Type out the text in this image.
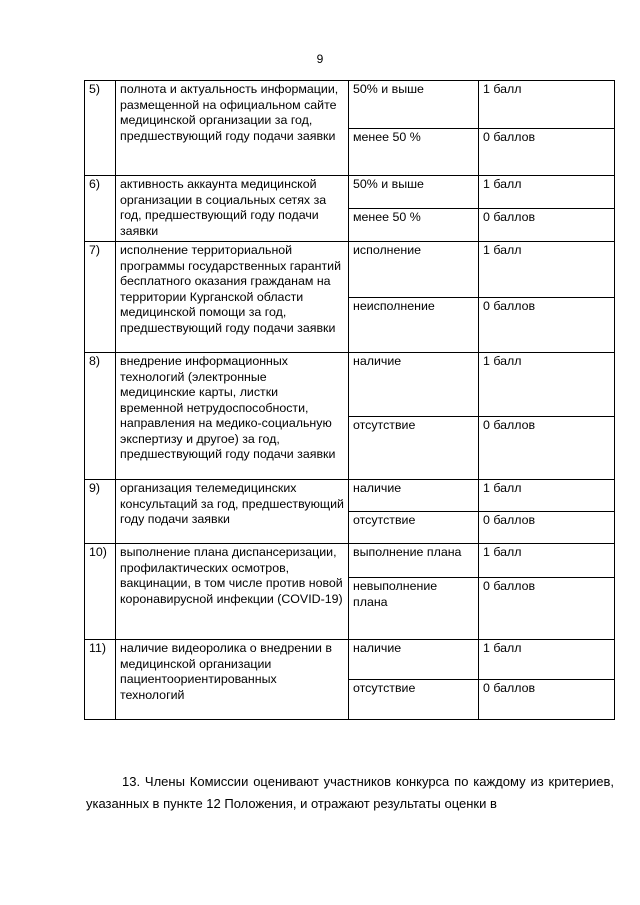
9
5)	полнота и актуальность информации, размещенной на официальном сайте медицинской организации за год, предшествующий году подачи заявки	50% и выше	1 балл
		менее 50 %	0 баллов
6)	активность аккаунта медицинской организации в социальных сетях за год, предшествующий году подачи заявки	50% и выше	1 балл
		менее 50 %	0 баллов
7)	исполнение территориальной программы государственных гарантий бесплатного оказания гражданам на территории Курганской области медицинской помощи за год, предшествующий году подачи заявки	исполнение	1 балл
		неисполнение	0 баллов
8)	внедрение информационных технологий (электронные медицинские карты, листки временной нетрудоспособности, направления на медико-социальную экспертизу и другое) за год, предшествующий году подачи заявки	наличие	1 балл
		отсутствие	0 баллов
9)	организация телемедицинских консультаций за год, предшествующий году подачи заявки	наличие	1 балл
		отсутствие	0 баллов
10)	выполнение плана диспансеризации, профилактических осмотров, вакцинации, в том числе против новой коронавирусной инфекции (COVID-19)	выполнение плана	1 балл
		невыполнение плана	0 баллов
11)	наличие видеоролика о внедрении в медицинской организации пациентоориентированных технологий	наличие	1 балл
		отсутствие	0 баллов

13. Члены Комиссии оценивают участников конкурса по каждому из критериев, указанных в пункте 12 Положения, и отражают результаты оценки в
